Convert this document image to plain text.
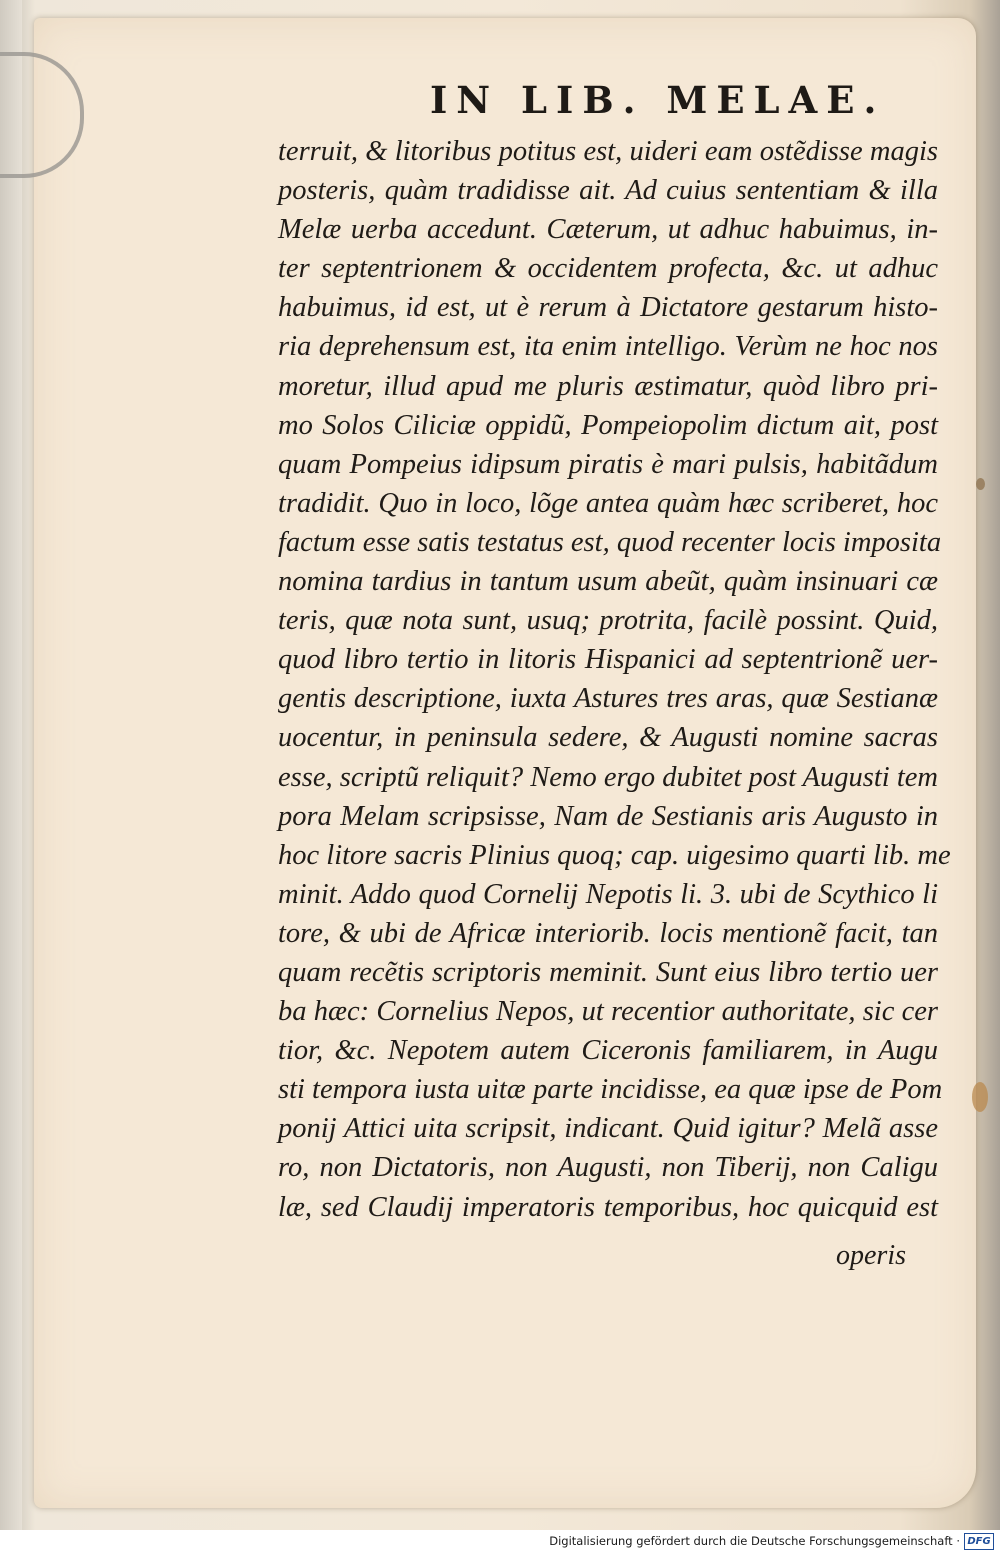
IN LIB. MELAE.
terruit, & litoribus potitus est, uideri eam ostẽdisse magis
posteris, quàm tradidisse ait. Ad cuius sententiam & illa
Melæ uerba accedunt. Cæterum, ut adhuc habuimus, in-
ter septentrionem & occidentem profecta, &c. ut adhuc
habuimus, id est, ut è rerum à Dictatore gestarum histo-
ria deprehensum est, ita enim intelligo. Verùm ne hoc nos
moretur, illud apud me pluris æstimatur, quòd libro pri-
mo Solos Ciliciæ oppidũ, Pompeiopolim dictum ait, post
quam Pompeius idipsum piratis è mari pulsis, habitãdum
tradidit. Quo in loco, lõge antea quàm hæc scriberet, hoc
factum esse satis testatus est, quod recenter locis imposita
nomina tardius in tantum usum abeũt, quàm insinuari cæ
teris, quæ nota sunt, usuq; protrita, facilè possint. Quid,
quod libro tertio in litoris Hispanici ad septentrionẽ uer-
gentis descriptione, iuxta Astures tres aras, quæ Sestianæ
uocentur, in peninsula sedere, & Augusti nomine sacras
esse, scriptũ reliquit? Nemo ergo dubitet post Augusti tem
pora Melam scripsisse, Nam de Sestianis aris Augusto in
hoc litore sacris Plinius quoq; cap. uigesimo quarti lib. me
minit. Addo quod Cornelij Nepotis li. 3. ubi de Scythico li
tore, & ubi de Africæ interiorib. locis mentionẽ facit, tan
quam recẽtis scriptoris meminit. Sunt eius libro tertio uer
ba hæc: Cornelius Nepos, ut recentior authoritate, sic cer
tior, &c. Nepotem autem Ciceronis familiarem, in Augu
sti tempora iusta uitæ parte incidisse, ea quæ ipse de Pom
ponij Attici uita scripsit, indicant. Quid igitur? Melã asse
ro, non Dictatoris, non Augusti, non Tiberij, non Caligu
læ, sed Claudij imperatoris temporibus, hoc quicquid est
operis
Digitalisierung gefördert durch die Deutsche Forschungsgemeinschaft · DFG
